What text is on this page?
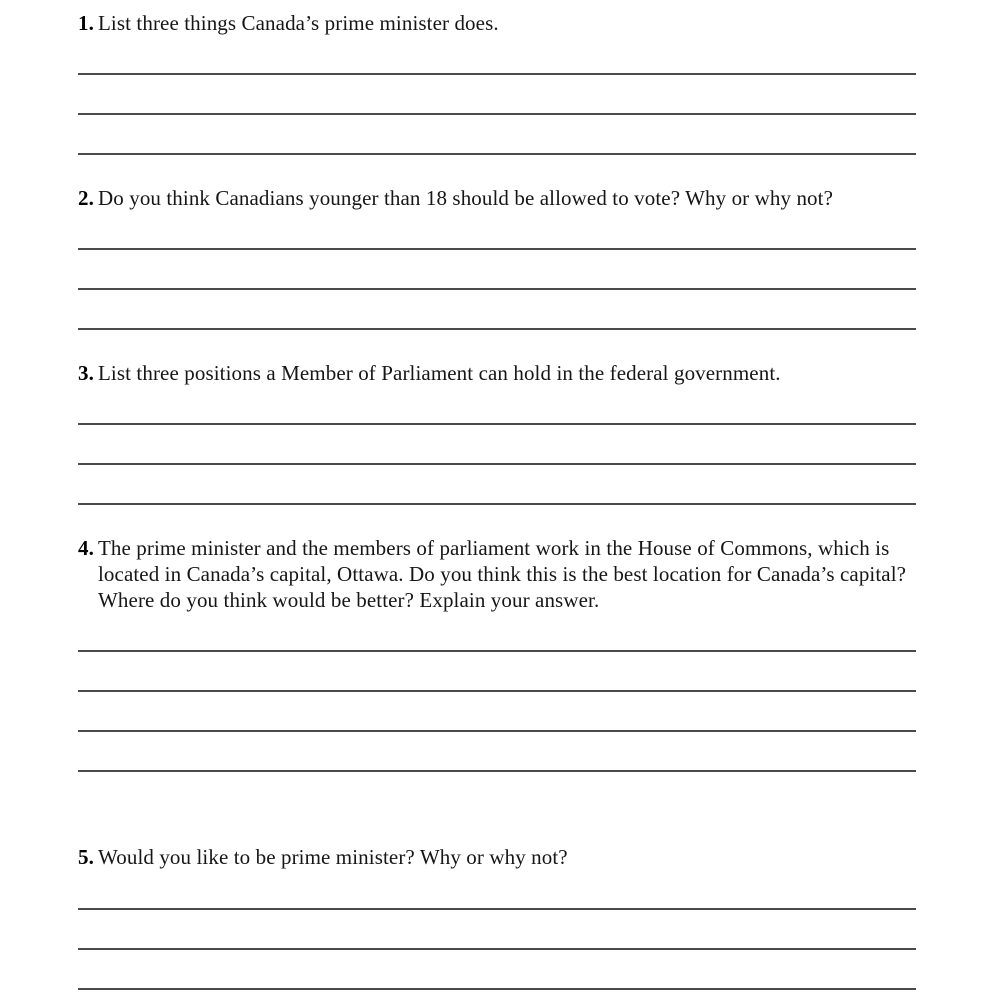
1. List three things Canada’s prime minister does.

2. Do you think Canadians younger than 18 should be allowed to vote? Why or why not?

3. List three positions a Member of Parliament can hold in the federal government.

4. The prime minister and the members of parliament work in the House of Commons, which is located in Canada’s capital, Ottawa. Do you think this is the best location for Canada’s capital? Where do you think would be better? Explain your answer.

5. Would you like to be prime minister? Why or why not?
